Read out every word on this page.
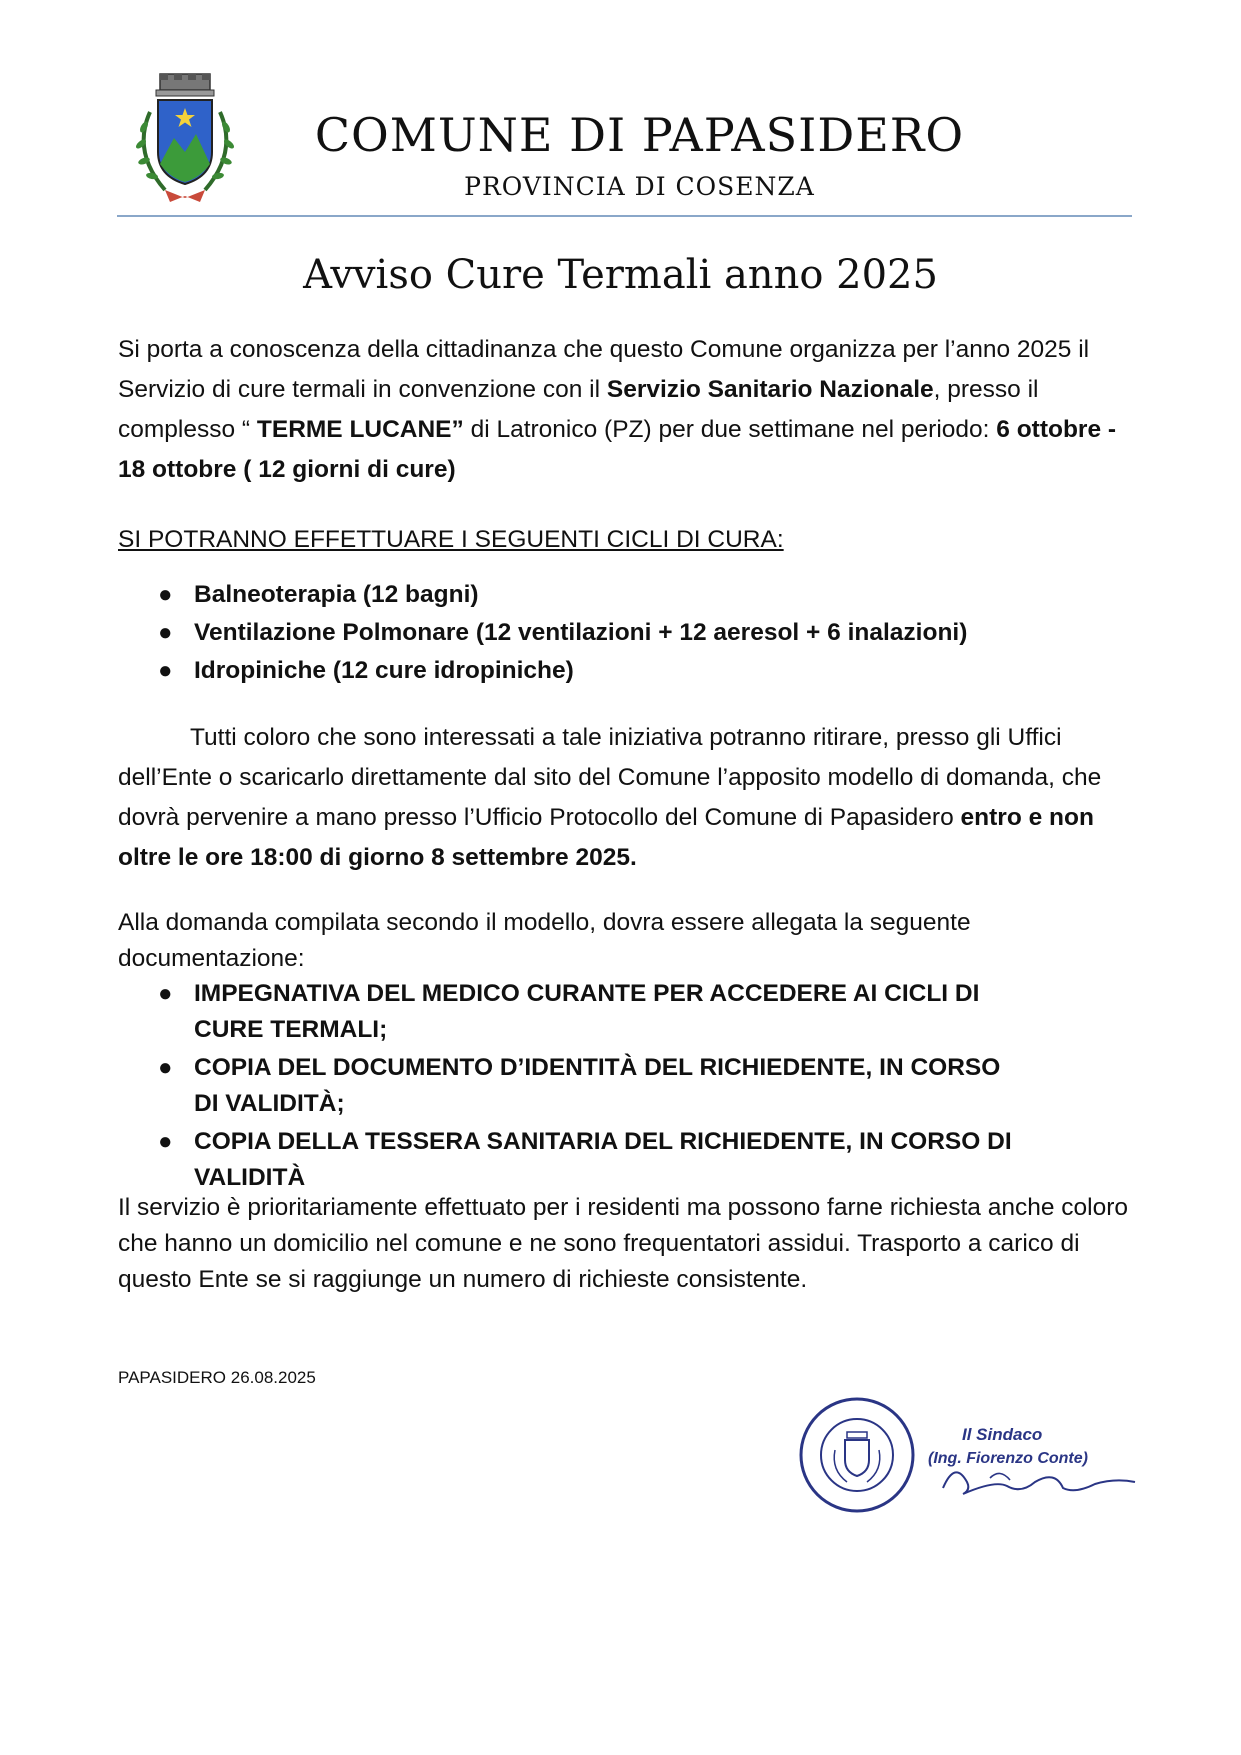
COMUNE DI PAPASIDERO
PROVINCIA DI COSENZA
Avviso Cure Termali anno 2025
Si porta a conoscenza della cittadinanza che questo Comune organizza per l’anno 2025 il Servizio di cure termali in convenzione con il Servizio Sanitario Nazionale, presso il complesso “ TERME LUCANE” di Latronico (PZ) per due settimane nel periodo: 6 ottobre - 18 ottobre ( 12 giorni di cure)
SI POTRANNO EFFETTUARE I SEGUENTI CICLI DI CURA:
● Balneoterapia (12 bagni)
● Ventilazione Polmonare (12 ventilazioni + 12 aeresol + 6 inalazioni)
● Idropiniche (12 cure idropiniche)
Tutti coloro che sono interessati a tale iniziativa potranno ritirare, presso gli Uffici dell’Ente o scaricarlo direttamente dal sito del Comune l’apposito modello di domanda, che dovrà pervenire a mano presso l’Ufficio Protocollo del Comune di Papasidero entro e non oltre le ore 18:00 di giorno 8 settembre 2025.
Alla domanda compilata secondo il modello, dovra essere allegata la seguente documentazione:
● IMPEGNATIVA DEL MEDICO CURANTE PER ACCEDERE AI CICLI DI CURE TERMALI;
● COPIA DEL DOCUMENTO D’IDENTITÀ DEL RICHIEDENTE, IN CORSO DI VALIDITÀ;
● COPIA DELLA TESSERA SANITARIA DEL RICHIEDENTE, IN CORSO DI VALIDITÀ
Il servizio è prioritariamente effettuato per i residenti ma possono farne richiesta anche coloro che hanno un domicilio nel comune e ne sono frequentatori assidui. Trasporto a carico di questo Ente se si raggiunge un numero di richieste consistente.
PAPASIDERO 26.08.2025
Il Sindaco
(Ing. Fiorenzo Conte)
